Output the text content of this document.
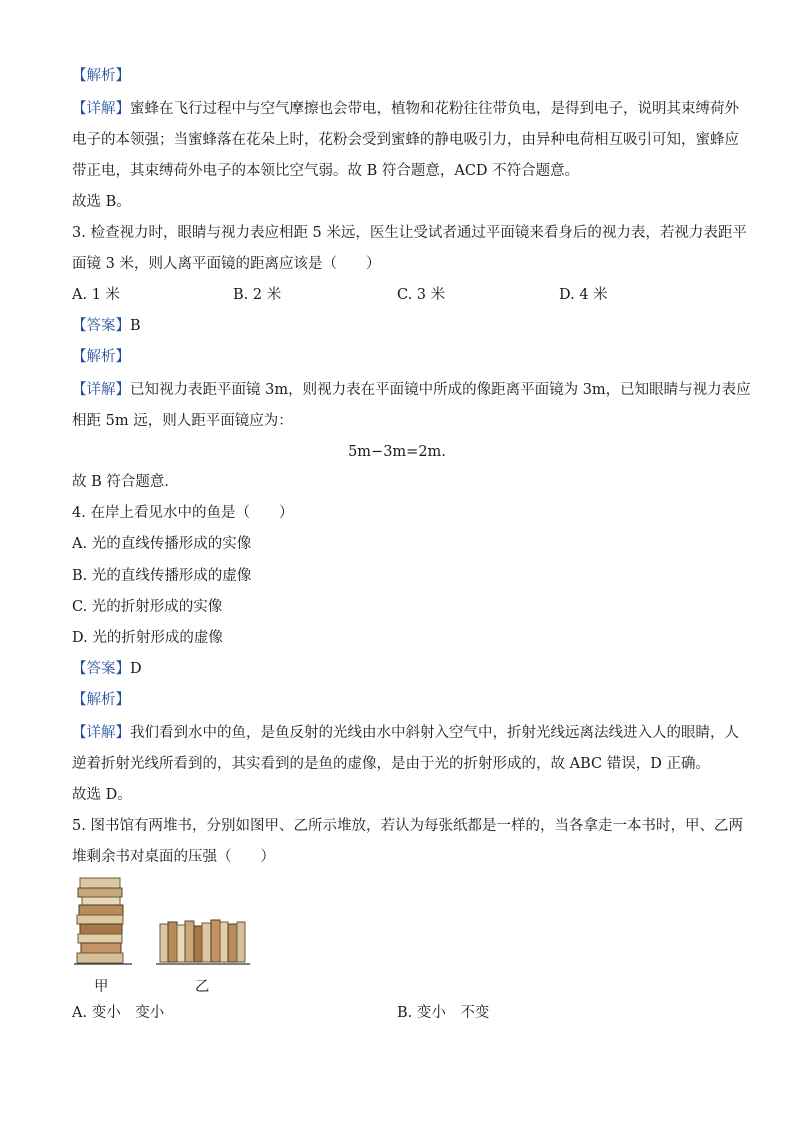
【解析】
【详解】蜜蜂在飞行过程中与空气摩擦也会带电，植物和花粉往往带负电，是得到电子，说明其束缚荷外
电子的本领强；当蜜蜂落在花朵上时，花粉会受到蜜蜂的静电吸引力，由异种电荷相互吸引可知，蜜蜂应
带正电，其束缚荷外电子的本领比空气弱。故 B 符合题意，ACD 不符合题意。
故选 B。
3. 检查视力时，眼睛与视力表应相距 5 米远，医生让受试者通过平面镜来看身后的视力表，若视力表距平
面镜 3 米，则人离平面镜的距离应该是（　　）
A. 1 米	B. 2 米	C. 3 米	D. 4 米
【答案】B
【解析】
【详解】已知视力表距平面镜 3m，则视力表在平面镜中所成的像距离平面镜为 3m，已知眼睛与视力表应
相距 5m 远，则人距平面镜应为：
5m−3m=2m.
故 B 符合题意．
4. 在岸上看见水中的鱼是（　　）
A. 光的直线传播形成的实像
B. 光的直线传播形成的虚像
C. 光的折射形成的实像
D. 光的折射形成的虚像
【答案】D
【解析】
【详解】我们看到水中的鱼，是鱼反射的光线由水中斜射入空气中，折射光线远离法线进入人的眼睛，人
逆着折射光线所看到的，其实看到的是鱼的虚像，是由于光的折射形成的，故 ABC 错误，D 正确。
故选 D。
5. 图书馆有两堆书，分别如图甲、乙所示堆放，若认为每张纸都是一样的，当各拿走一本书时，甲、乙两
堆剩余书对桌面的压强（　　）
甲	乙
A. 变小　变小	B. 变小　不变
